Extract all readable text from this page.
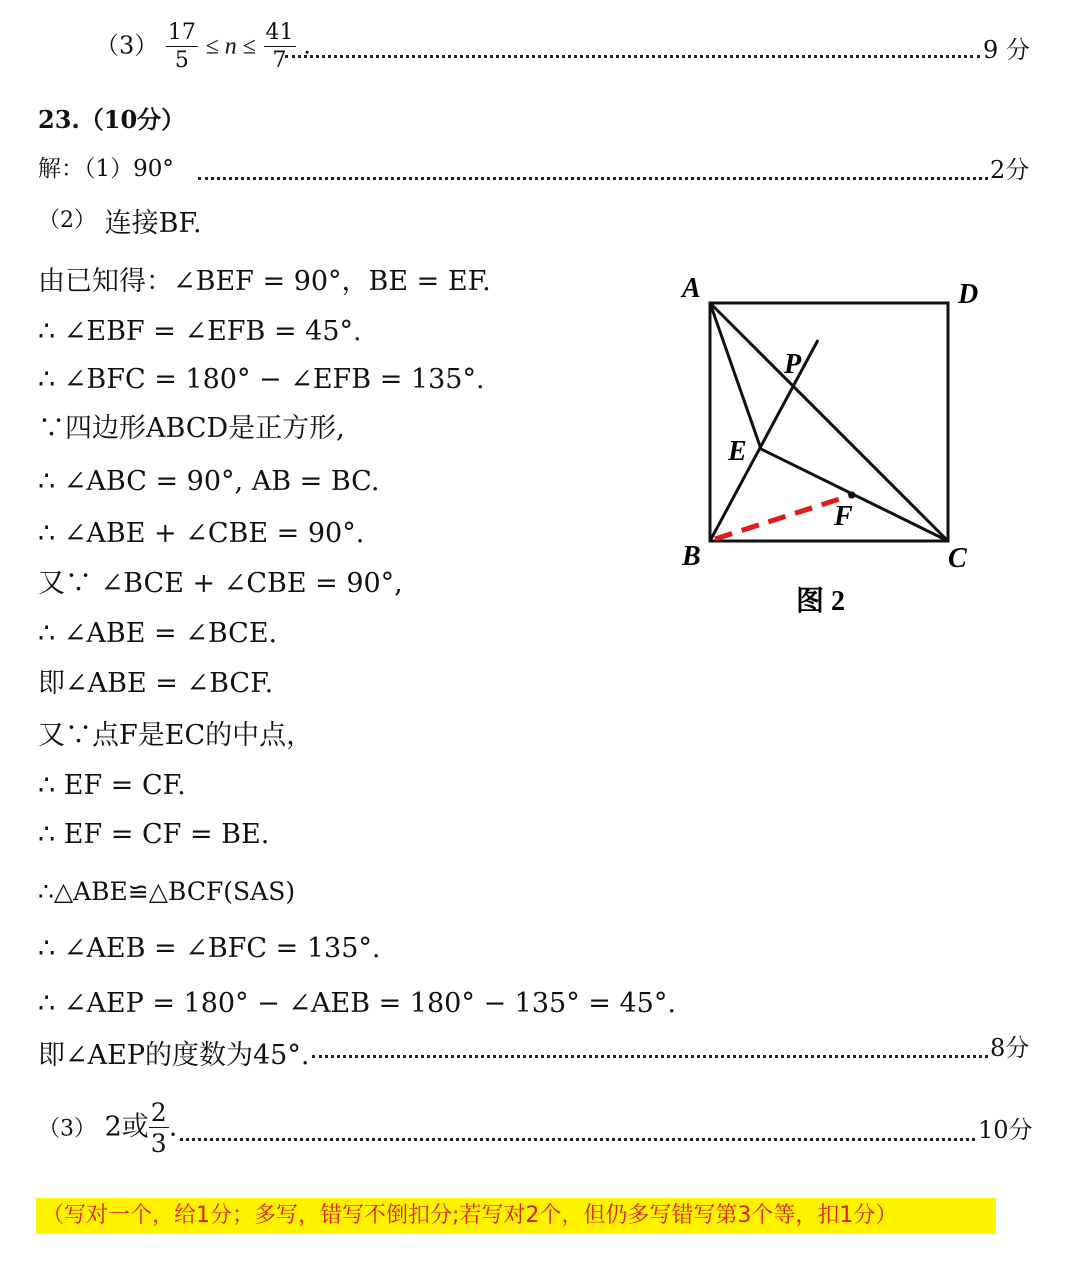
$(3) \frac{17}{5} \le n \le \frac{41}{7}$ .	9 分
23.（10分）
解：（1）90°	2分
$^{(2)}$ 连接BF.
由已知得：∠BEF = 90°，BE = EF.
∴ ∠EBF = ∠EFB = 45°.
∴ ∠BFC = 180° − ∠EFB = 135°.
∵四边形ABCD是正方形,
∴ ∠ABC = 90°, AB = BC.
∴ ∠ABE + ∠CBE = 90°.
又∵ ∠BCE + ∠CBE = 90°,
∴ ∠ABE = ∠BCE.
即∠ABE = ∠BCF.
又∵点F是EC的中点，
∴ EF = CF.
∴ EF = CF = BE.
∴△ABE≌△BCF(SAS)
∴ ∠AEB = ∠BFC = 135°.
∴ ∠AEP = 180° − ∠AEB = 180° − 135° = 45°.
即∠AEP的度数为45°.	8分
（3） 2或 $\frac{2}{3}$ .	10分
（写对一个，给1分；多写，错写不倒扣分;若写对2个，但仍多写错写第3个等，扣1分）
A	D
B	C
E
F
P
图 2
